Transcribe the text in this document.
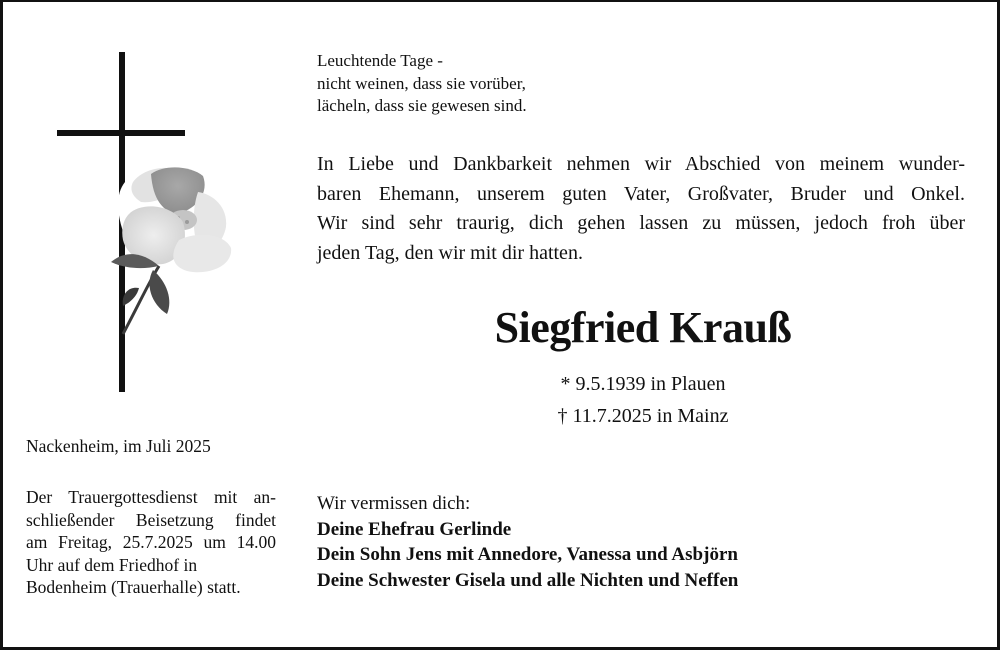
Leuchtende Tage -
nicht weinen, dass sie vorüber,
lächeln, dass sie gewesen sind.
In Liebe und Dankbarkeit nehmen wir Abschied von meinem wunder-
baren Ehemann, unserem guten Vater, Großvater, Bruder und Onkel.
Wir sind sehr traurig, dich gehen lassen zu müssen, jedoch froh über
jeden Tag, den wir mit dir hatten.
Siegfried Krauß
* 9.5.1939 in Plauen
† 11.7.2025 in Mainz
Nackenheim, im Juli 2025
Der Trauergottesdienst mit an-
schließender Beisetzung findet
am Freitag, 25.7.2025 um 14.00
Uhr auf dem Friedhof in
Bodenheim (Trauerhalle) statt.
Wir vermissen dich:
Deine Ehefrau Gerlinde
Dein Sohn Jens mit Annedore, Vanessa und Asbjörn
Deine Schwester Gisela und alle Nichten und Neffen
